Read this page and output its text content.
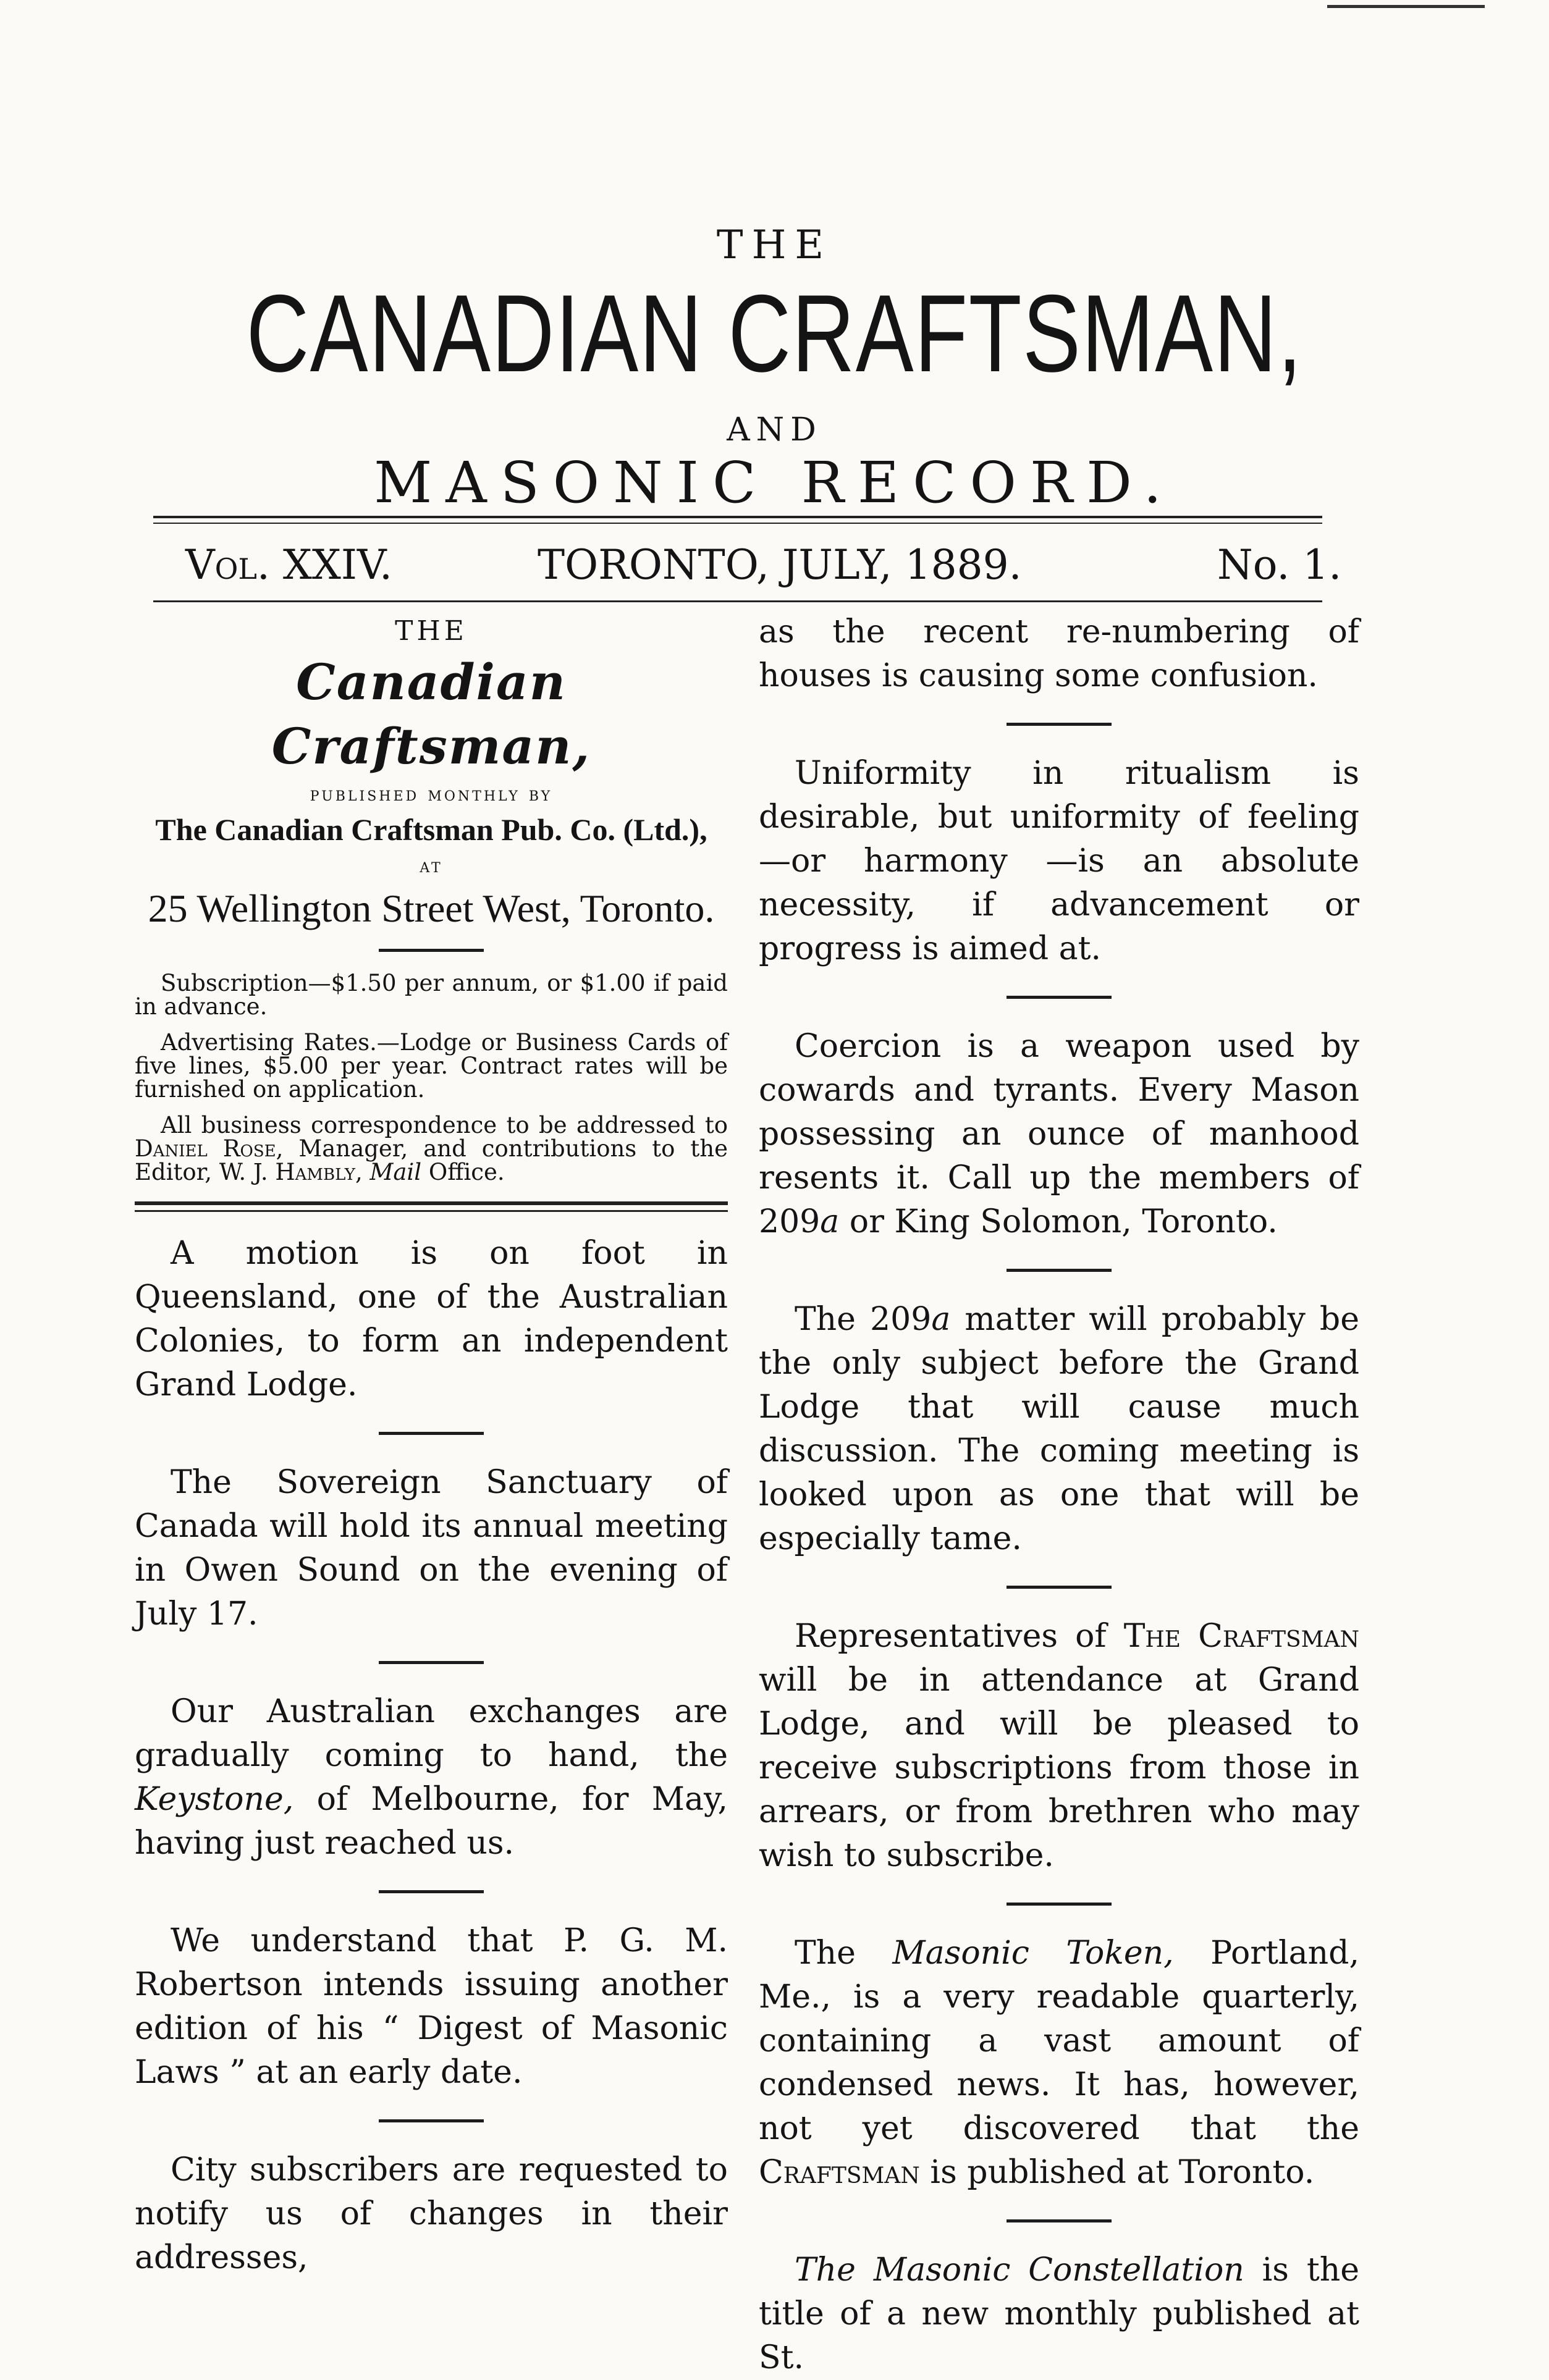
THE
CANADIAN CRAFTSMAN,
AND
MASONIC RECORD.
Vol. XXIV.	TORONTO, JULY, 1889.	No. 1.
THE
Canadian Craftsman,
published monthly by
The Canadian Craftsman Pub. Co. (Ltd.),
at
25 Wellington Street West, Toronto.

Subscription—$1.50 per annum, or $1.00 if paid in advance.

Advertising Rates.—Lodge or Business Cards of five lines, $5.00 per year. Contract rates will be furnished on application.

All business correspondence to be addressed to Daniel Rose, Manager, and contributions to the Editor, W. J. Hambly, Mail Office.

A motion is on foot in Queensland, one of the Australian Colonies, to form an independent Grand Lodge.

The Sovereign Sanctuary of Canada will hold its annual meeting in Owen Sound on the evening of July 17.

Our Australian exchanges are gradually coming to hand, the Keystone, of Melbourne, for May, having just reached us.

We understand that P. G. M. Robertson intends issuing another edition of his “ Digest of Masonic Laws ” at an early date.

City subscribers are requested to notify us of changes in their addresses,

as the recent re-numbering of houses is causing some confusion.

Uniformity in ritualism is desirable, but uniformity of feeling—or harmony —is an absolute necessity, if advancement or progress is aimed at.

Coercion is a weapon used by cowards and tyrants. Every Mason possessing an ounce of manhood resents it. Call up the members of 209a or King Solomon, Toronto.

The 209a matter will probably be the only subject before the Grand Lodge that will cause much discussion. The coming meeting is looked upon as one that will be especially tame.

Representatives of The Craftsman will be in attendance at Grand Lodge, and will be pleased to receive subscriptions from those in arrears, or from brethren who may wish to subscribe.

The Masonic Token, Portland, Me., is a very readable quarterly, containing a vast amount of condensed news. It has, however, not yet discovered that the Craftsman is published at Toronto.

The Masonic Constellation is the title of a new monthly published at St.
